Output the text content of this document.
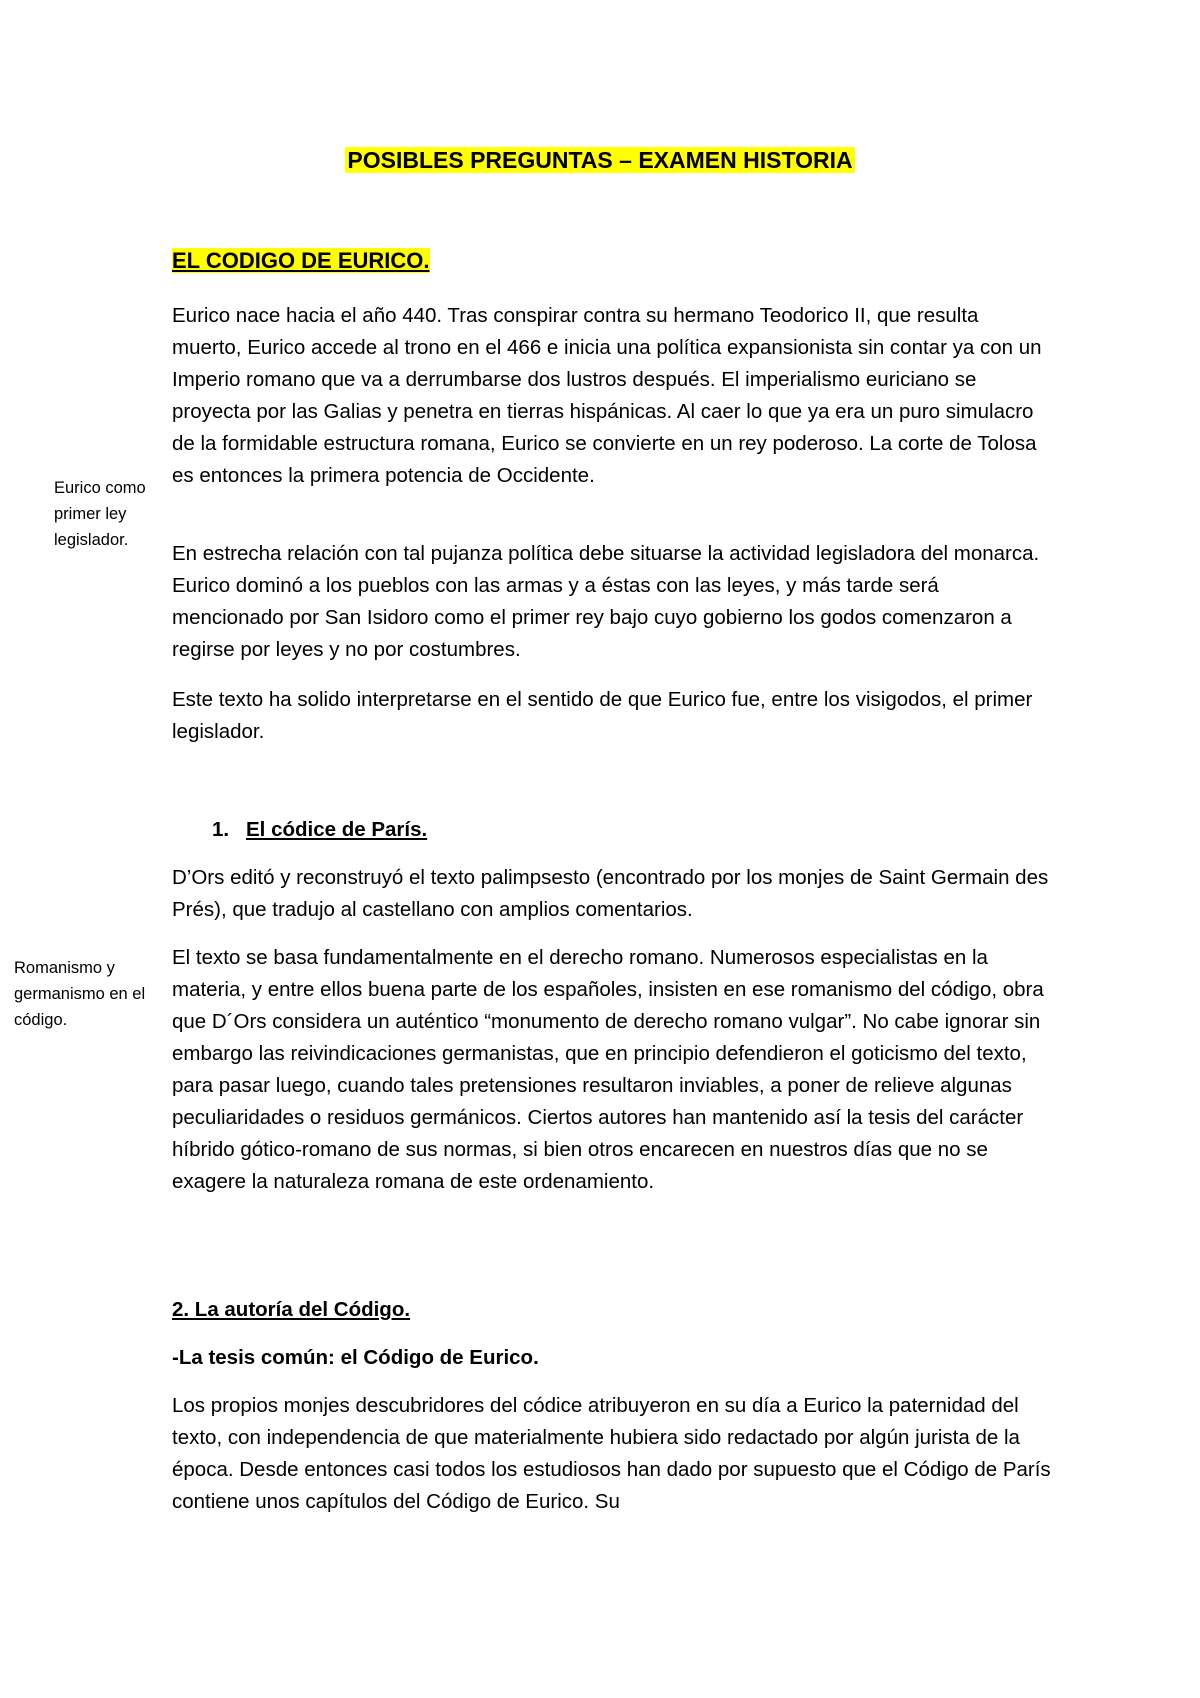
POSIBLES PREGUNTAS – EXAMEN HISTORIA
EL CODIGO DE EURICO.

Eurico nace hacia el año 440. Tras conspirar contra su hermano Teodorico II, que resulta muerto, Eurico accede al trono en el 466 e inicia una política expansionista sin contar ya con un Imperio romano que va a derrumbarse dos lustros después. El imperialismo euriciano se proyecta por las Galias y penetra en tierras hispánicas. Al caer lo que ya era un puro simulacro de la formidable estructura romana, Eurico se convierte en un rey poderoso. La corte de Tolosa es entonces la primera potencia de Occidente.

En estrecha relación con tal pujanza política debe situarse la actividad legisladora del monarca. Eurico dominó a los pueblos con las armas y a éstas con las leyes, y más tarde será mencionado por San Isidoro como el primer rey bajo cuyo gobierno los godos comenzaron a regirse por leyes y no por costumbres.

Este texto ha solido interpretarse en el sentido de que Eurico fue, entre los visigodos, el primer legislador.

Eurico como primer ley legislador.
1. El códice de París.

D’Ors editó y reconstruyó el texto palimpsesto (encontrado por los monjes de Saint Germain des Prés), que tradujo al castellano con amplios comentarios.

El texto se basa fundamentalmente en el derecho romano. Numerosos especialistas en la materia, y entre ellos buena parte de los españoles, insisten en ese romanismo del código, obra que D´Ors considera un auténtico “monumento de derecho romano vulgar”. No cabe ignorar sin embargo las reivindicaciones germanistas, que en principio defendieron el goticismo del texto, para pasar luego, cuando tales pretensiones resultaron inviables, a poner de relieve algunas peculiaridades o residuos germánicos. Ciertos autores han mantenido así la tesis del carácter híbrido gótico-romano de sus normas, si bien otros encarecen en nuestros días que no se exagere la naturaleza romana de este ordenamiento.

Romanismo y germanismo en el código.
2. La autoría del Código.
-La tesis común: el Código de Eurico.

Los propios monjes descubridores del códice atribuyeron en su día a Eurico la paternidad del texto, con independencia de que materialmente hubiera sido redactado por algún jurista de la época. Desde entonces casi todos los estudiosos han dado por supuesto que el Código de París contiene unos capítulos del Código de Eurico. Su
